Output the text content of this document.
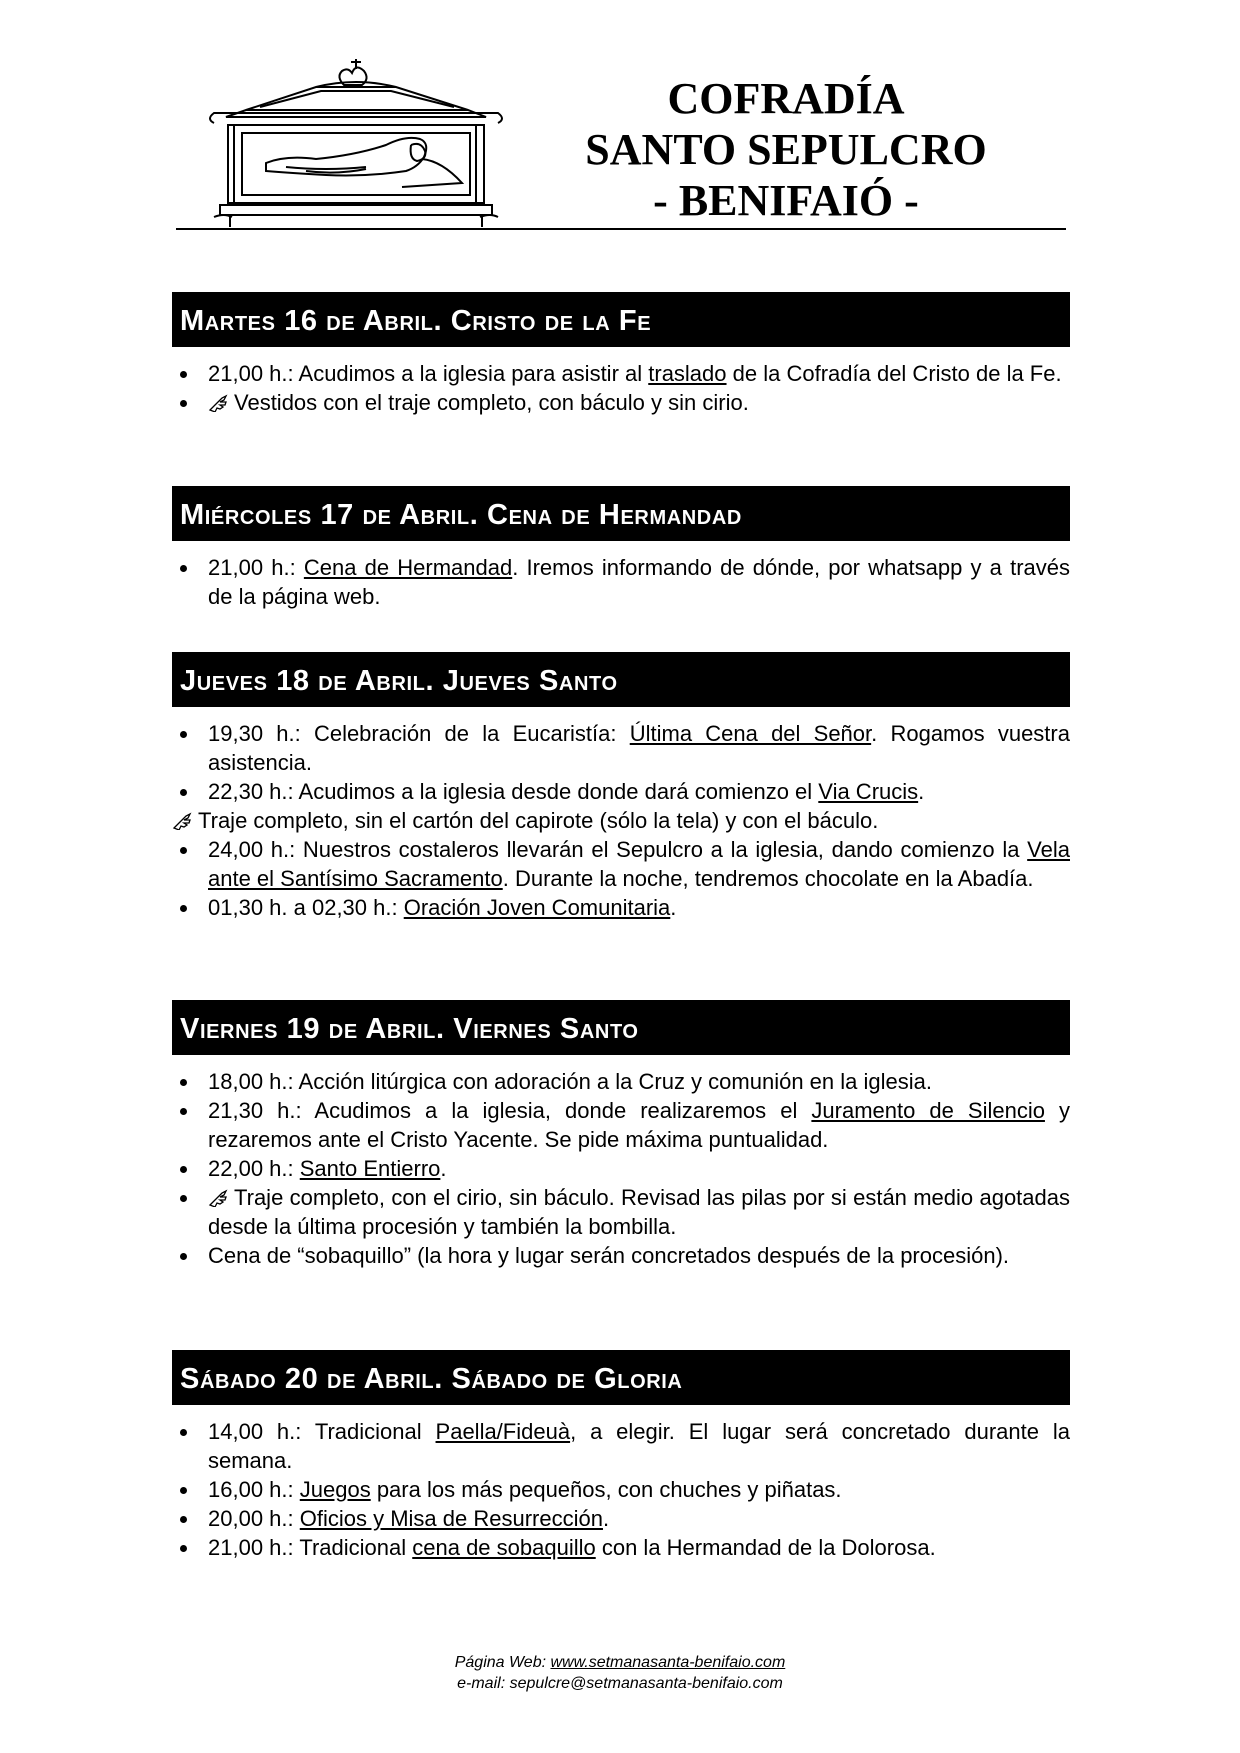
COFRADÍA
SANTO SEPULCRO
- BENIFAIÓ -
Martes 16 de Abril. Cristo de la Fe
21,00 h.: Acudimos a la iglesia para asistir al traslado de la Cofradía del Cristo de la Fe.
Vestidos con el traje completo, con báculo y sin cirio.
Miércoles 17 de Abril. Cena de Hermandad
21,00 h.: Cena de Hermandad. Iremos informando de dónde, por whatsapp y a través de la página web.
Jueves 18 de Abril. Jueves Santo
19,30 h.: Celebración de la Eucaristía: Última Cena del Señor. Rogamos vuestra asistencia.
22,30 h.: Acudimos a la iglesia desde donde dará comienzo el Via Crucis.
Traje completo, sin el cartón del capirote (sólo la tela) y con el báculo.
24,00 h.: Nuestros costaleros llevarán el Sepulcro a la iglesia, dando comienzo la Vela ante el Santísimo Sacramento. Durante la noche, tendremos chocolate en la Abadía.
01,30 h. a 02,30 h.: Oración Joven Comunitaria.
Viernes 19 de Abril. Viernes Santo
18,00 h.: Acción litúrgica con adoración a la Cruz y comunión en la iglesia.
21,30 h.: Acudimos a la iglesia, donde realizaremos el Juramento de Silencio y rezaremos ante el Cristo Yacente. Se pide máxima puntualidad.
22,00 h.: Santo Entierro.
Traje completo, con el cirio, sin báculo. Revisad las pilas por si están medio agotadas desde la última procesión y también la bombilla.
Cena de “sobaquillo” (la hora y lugar serán concretados después de la procesión).
Sábado 20 de Abril. Sábado de Gloria
14,00 h.: Tradicional Paella/Fideuà, a elegir. El lugar será concretado durante la semana.
16,00 h.: Juegos para los más pequeños, con chuches y piñatas.
20,00 h.: Oficios y Misa de Resurrección.
21,00 h.: Tradicional cena de sobaquillo con la Hermandad de la Dolorosa.
Página Web: www.setmanasanta-benifaio.com
e-mail: sepulcre@setmanasanta-benifaio.com
